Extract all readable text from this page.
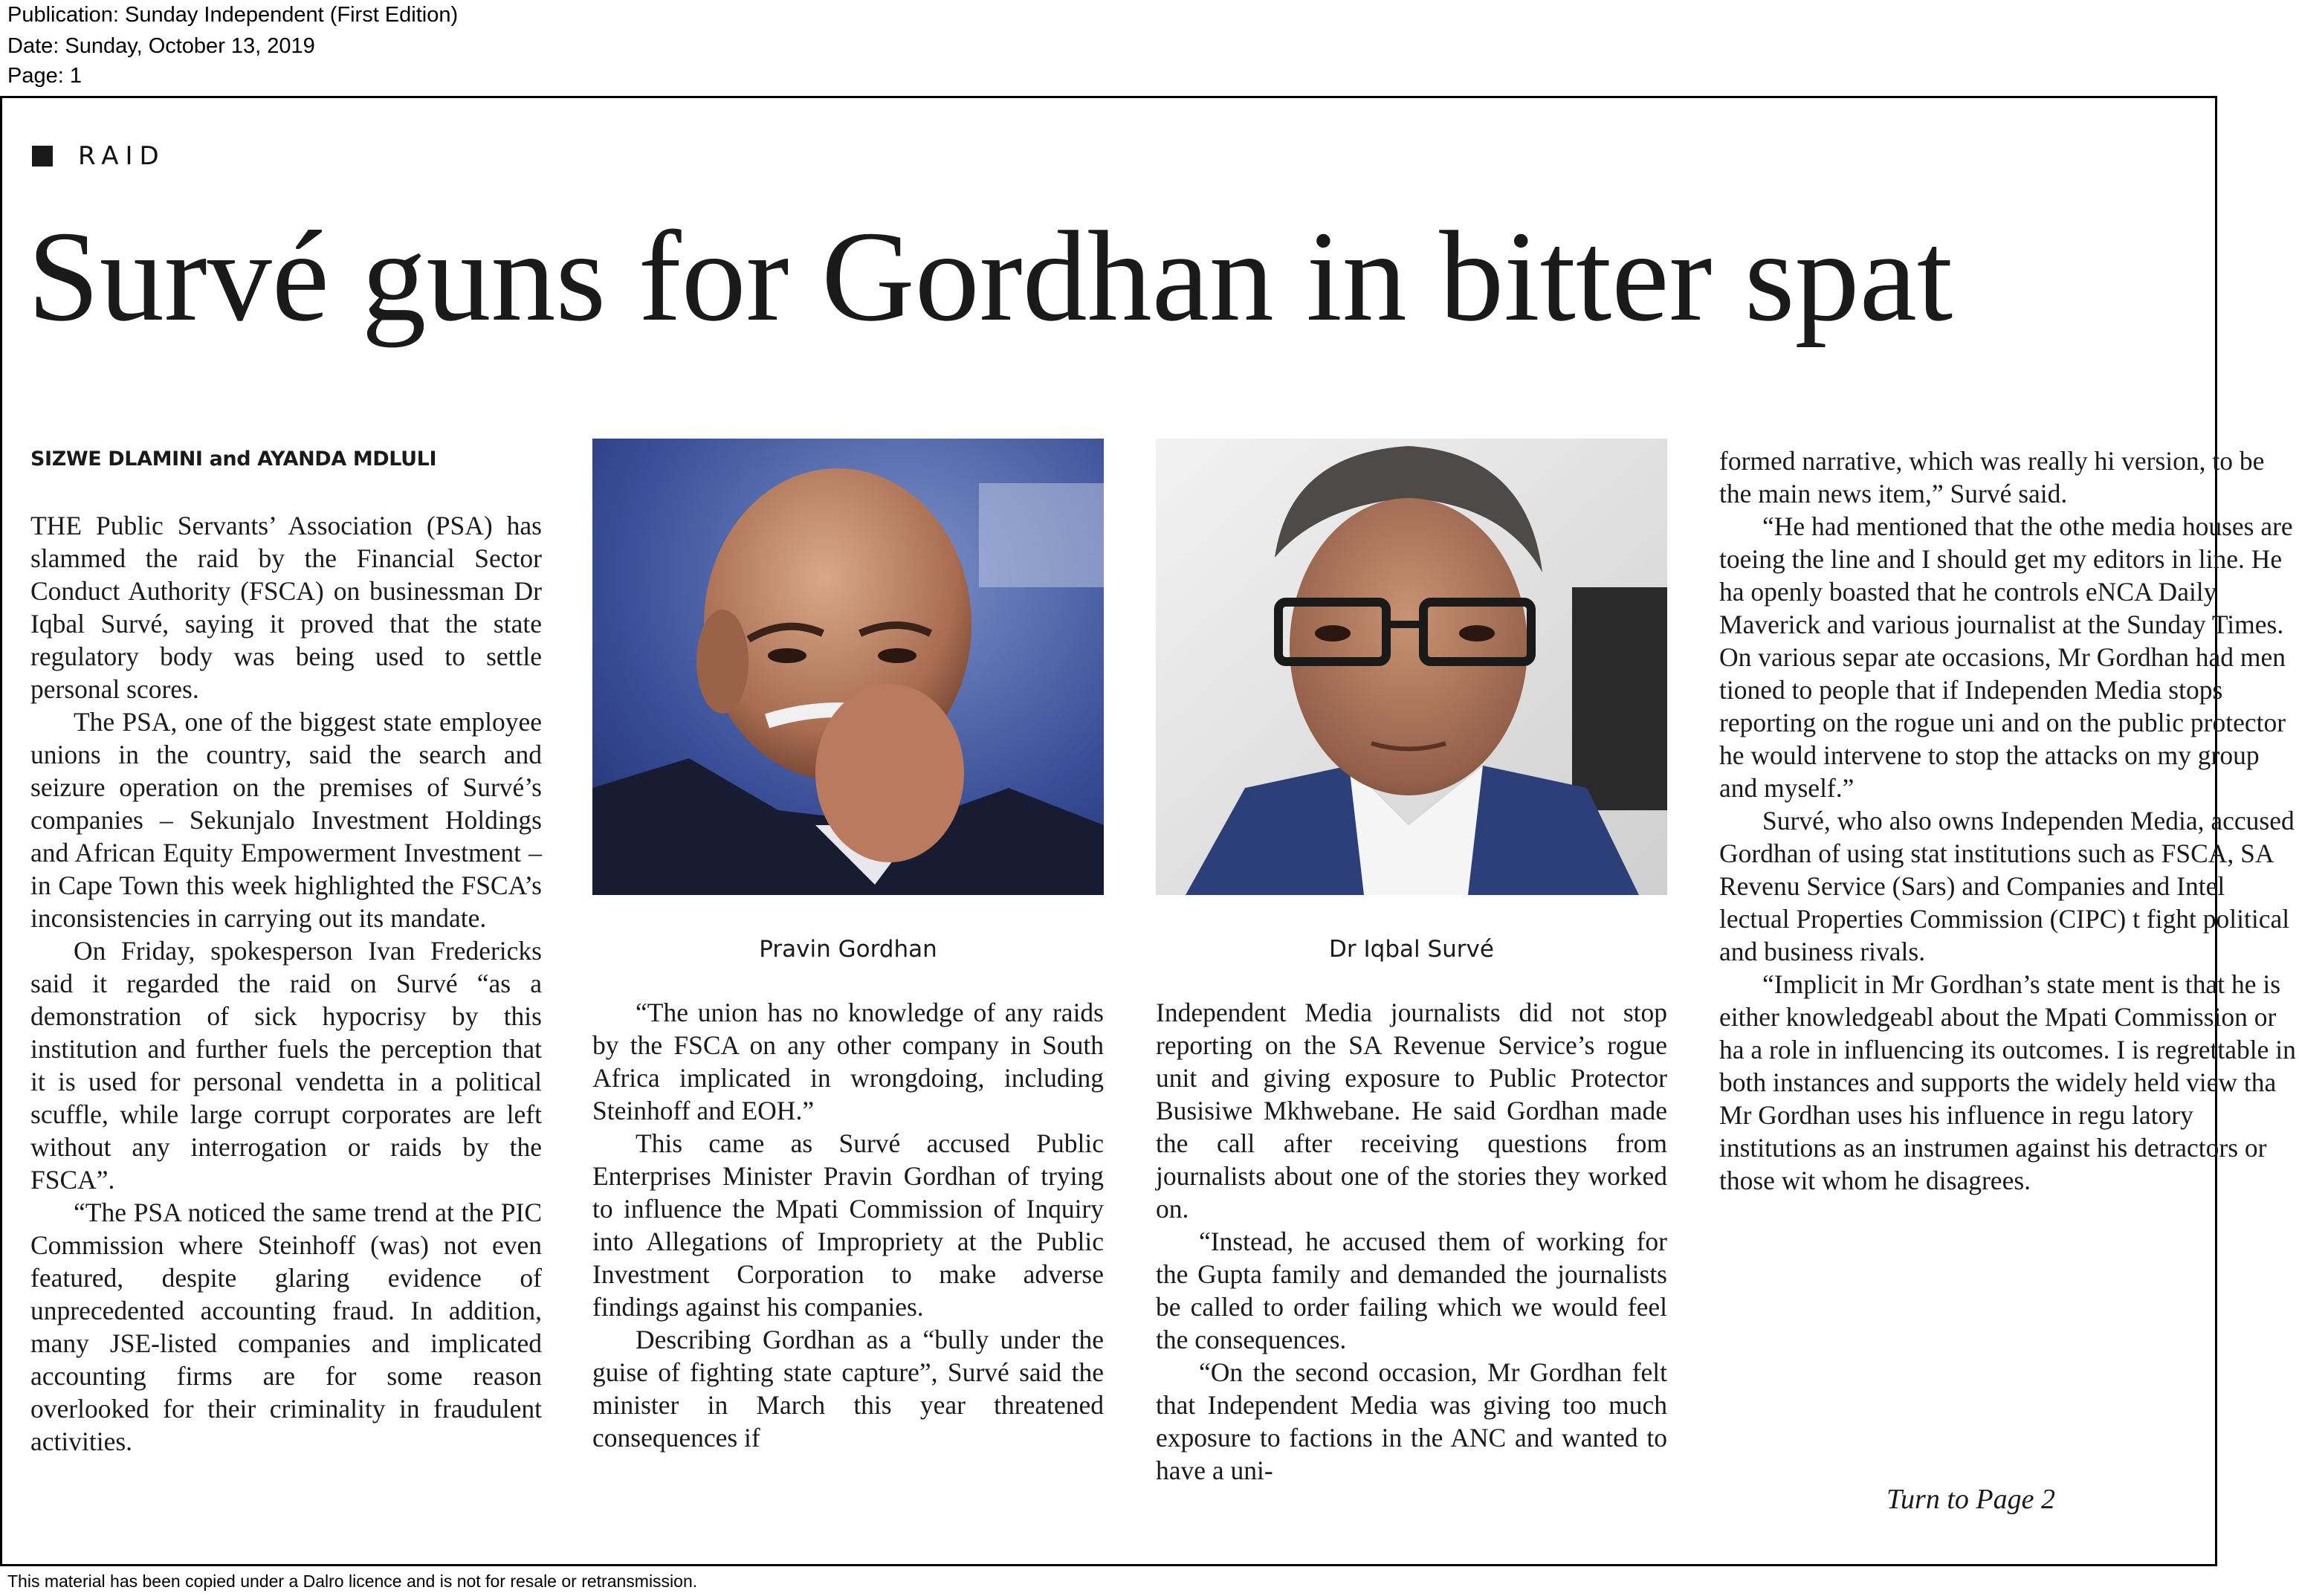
Publication: Sunday Independent (First Edition)
Date: Sunday, October 13, 2019
Page: 1
RAID
Survé guns for Gordhan in bitter spat
SIZWE DLAMINI and AYANDA MDLULI

THE Public Servants’ Association (PSA) has slammed the raid by the Financial Sector Conduct Authority (FSCA) on businessman Dr Iqbal Survé, saying it proved that the state regulatory body was being used to settle personal scores.

The PSA, one of the biggest state employee unions in the country, said the search and seizure operation on the premises of Survé’s companies – Sekunjalo Investment Holdings and African Equity Empowerment Investment – in Cape Town this week highlighted the FSCA’s inconsistencies in carrying out its mandate.

On Friday, spokesperson Ivan Fredericks said it regarded the raid on Survé “as a demonstration of sick hypocrisy by this institution and further fuels the perception that it is used for personal vendetta in a political scuffle, while large corrupt corporates are left without any interrogation or raids by the FSCA”.

“The PSA noticed the same trend at the PIC Commission where Steinhoff (was) not even featured, despite glaring evidence of unprecedented accounting fraud. In addition, many JSE-listed companies and implicated accounting firms are for some reason overlooked for their criminality in fraudulent activities.

Pravin Gordhan	Dr Iqbal Survé

“The union has no knowledge of any raids by the FSCA on any other company in South Africa implicated in wrongdoing, including Steinhoff and EOH.”

This came as Survé accused Public Enterprises Minister Pravin Gordhan of trying to influence the Mpati Commission of Inquiry into Allegations of Impropriety at the Public Investment Corporation to make adverse findings against his companies.

Describing Gordhan as a “bully under the guise of fighting state capture”, Survé said the minister in March this year threatened consequences if

Independent Media journalists did not stop reporting on the SA Revenue Service’s rogue unit and giving exposure to Public Protector Busisiwe Mkhwebane. He said Gordhan made the call after receiving questions from journalists about one of the stories they worked on.

“Instead, he accused them of working for the Gupta family and demanded the journalists be called to order failing which we would feel the consequences.

“On the second occasion, Mr Gordhan felt that Independent Media was giving too much exposure to factions in the ANC and wanted to have a uni-

formed narrative, which was really hi version, to be the main news item,” Survé said.

“He had mentioned that the othe media houses are toeing the line and I should get my editors in line. He ha openly boasted that he controls eNCA Daily Maverick and various journalist at the Sunday Times. On various separ ate occasions, Mr Gordhan had men tioned to people that if Independen Media stops reporting on the rogue uni and on the public protector he would intervene to stop the attacks on my group and myself.”

Survé, who also owns Independen Media, accused Gordhan of using stat institutions such as FSCA, SA Revenu Service (Sars) and Companies and Intel lectual Properties Commission (CIPC) t fight political and business rivals.

“Implicit in Mr Gordhan’s state ment is that he is either knowledgeabl about the Mpati Commission or ha a role in influencing its outcomes. I is regrettable in both instances and supports the widely held view tha Mr Gordhan uses his influence in regu latory institutions as an instrumen against his detractors or those wit whom he disagrees.

Turn to Page 2
This material has been copied under a Dalro licence and is not for resale or retransmission.
